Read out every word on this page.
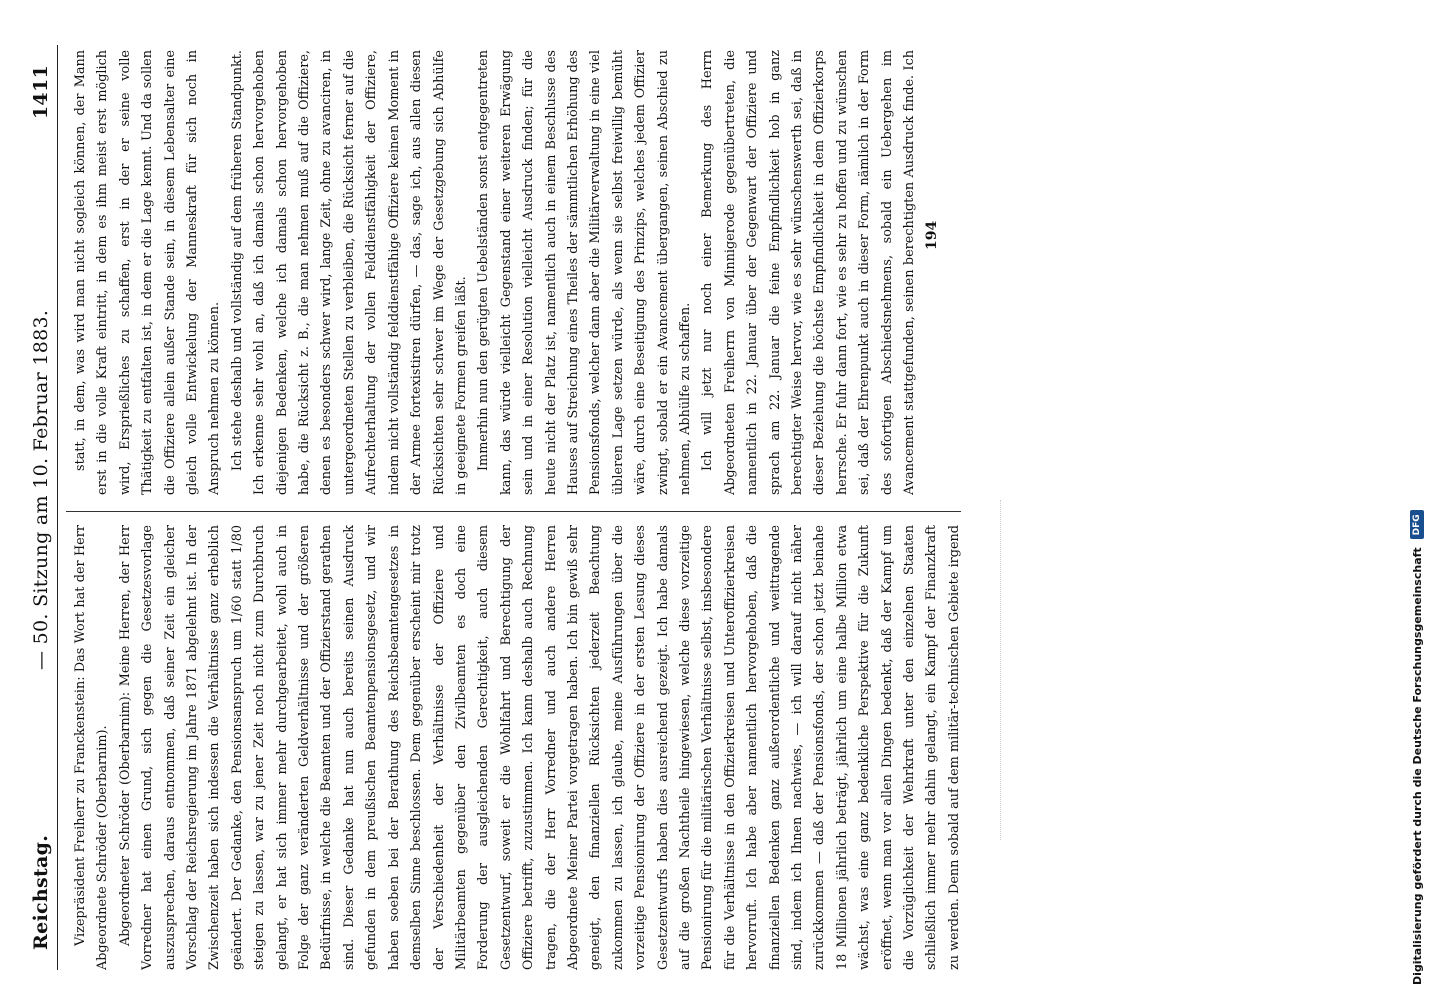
Reichstag.
— 50. Sitzung am 10. Februar 1883.
1411

Vizepräsident Freiherr zu Franckenstein: Das Wort hat der Herr Abgeordnete Schröder (Oberbarnim). Abgeordneter Schröder (Oberbarnim): Meine Herren, der Herr Vorredner hat einen Grund, sich gegen die Gesetzesvorlage auszusprechen, daraus entnommen, daß seiner Zeit ein gleicher Vorschlag der Reichsregierung im Jahre 1871 abgelehnt ist. In der Zwischenzeit haben sich indessen die Verhältnisse ganz erheblich geändert. Der Gedanke, den Pensionsanspruch um 1/60 statt 1/80 steigen zu lassen, war zu jener Zeit noch nicht zum Durchbruch gelangt, er hat sich immer mehr durchgearbeitet, wohl auch in Folge der ganz veränderten Geldverhältnisse und der größeren Bedürfnisse, in welche die Beamten und der Offizierstand gerathen sind. Dieser Gedanke hat nun auch bereits seinen Ausdruck gefunden in dem preußischen Beamtenpensionsgesetz, und wir haben soeben bei der Berathung des Reichsbeamtengesetzes in demselben Sinne beschlossen. Dem gegenüber erscheint mir trotz der Verschiedenheit der Verhältnisse der Offiziere und Militärbeamten gegenüber den Zivilbeamten es doch eine Forderung der ausgleichenden Gerechtigkeit, auch diesem Gesetzentwurf, soweit er die Wohlfahrt und Berechtigung der Offiziere betrifft, zuzustimmen. Ich kann deshalb auch Rechnung tragen, die der Herr Vorredner und auch andere Herren Abgeordnete Meiner Partei vorgetragen haben. Ich bin gewiß sehr geneigt, den finanziellen Rücksichten jederzeit Beachtung zukommen zu lassen, ich glaube, meine Ausführungen über die vorzeitige Pensionirung der Offiziere in der ersten Lesung dieses Gesetzentwurfs haben dies ausreichend gezeigt. Ich habe damals auf die großen Nachtheile hingewiesen, welche diese vorzeitige Pensionirung für die militärischen Verhältnisse selbst, insbesondere für die Verhältnisse in den Offizierkreisen und Unteroffizierkreisen hervorruft. Ich habe aber namentlich hervorgehoben, daß die finanziellen Bedenken ganz außerordentliche und weittragende sind, indem ich Ihnen nachwies, — ich will darauf nicht näher zurückkommen — daß der Pensionsfonds, der schon jetzt beinahe 18 Millionen jährlich beträgt, jährlich um eine halbe Million etwa wächst, was eine ganz bedenkliche Perspektive für die Zukunft eröffnet, wenn man vor allen Dingen bedenkt, daß der Kampf um die Vorzüglichkeit der Wehrkraft unter den einzelnen Staaten schließlich immer mehr dahin gelangt, ein Kampf der Finanzkraft zu werden. Denn sobald auf dem militär-technischen Gebiete irgend

statt, in dem, was wird man nicht sogleich können, der Mann erst in die volle Kraft eintritt, in dem es ihm meist erst möglich wird, Ersprießliches zu schaffen, erst in der er seine volle Thätigkeit zu entfalten ist, in dem er die Lage kennt. Und da sollen die Offiziere allein außer Stande sein, in diesem Lebensalter eine gleich volle Entwickelung der Manneskraft für sich noch in Anspruch nehmen zu können. Ich stehe deshalb und vollständig auf dem früheren Standpunkt. Ich erkenne sehr wohl an, daß ich damals schon hervorgehoben diejenigen Bedenken, welche ich damals schon hervorgehoben habe, die Rücksicht z. B., die man nehmen muß auf die Offiziere, denen es besonders schwer wird, lange Zeit, ohne zu avanciren, in untergeordneten Stellen zu verbleiben, die Rücksicht ferner auf die Aufrechterhaltung der vollen Felddienstfähigkeit der Offiziere, indem nicht vollständig felddienstfähige Offiziere keinen Moment in der Armee fortexistiren dürfen, — das, sage ich, aus allen diesen Rücksichten sehr schwer im Wege der Gesetzgebung sich Abhülfe in geeignete Formen greifen läßt. Immerhin nun den gerügten Uebelständen sonst entgegentreten kann, das würde vielleicht Gegenstand einer weiteren Erwägung sein und in einer Resolution vielleicht Ausdruck finden; für die heute nicht der Platz ist, namentlich auch in einem Beschlusse des Hauses auf Streichung eines Theiles der sämmtlichen Erhöhung des Pensionsfonds, welcher dann aber die Militärverwaltung in eine viel übleren Lage setzen würde, als wenn sie selbst freiwillig bemüht wäre, durch eine Beseitigung des Prinzips, welches jedem Offizier zwingt, sobald er ein Avancement übergangen, seinen Abschied zu nehmen, Abhülfe zu schaffen. Ich will jetzt nur noch einer Bemerkung des Herrn Abgeordneten Freiherrn von Minnigerode gegenübertreten, die namentlich in 22. Januar über der Gegenwart der Offiziere und sprach am 22. Januar die feine Empfindlichkeit hob in ganz berechtigter Weise hervor, wie es sehr wünschenswerth sei, daß in dieser Beziehung die höchste Empfindlichkeit in dem Offizierkorps herrsche. Er fuhr dann fort, wie es sehr zu hoffen und zu wünschen sei, daß der Ehrenpunkt auch in dieser Form, nämlich in der Form des sofortigen Abschiedsnehmens, sobald ein Uebergehen im Avancement stattgefunden, seinen berechtigten Ausdruck finde. Ich

194
Digitalisierung gefördert durch die Deutsche Forschungsgemeinschaft
DFG
